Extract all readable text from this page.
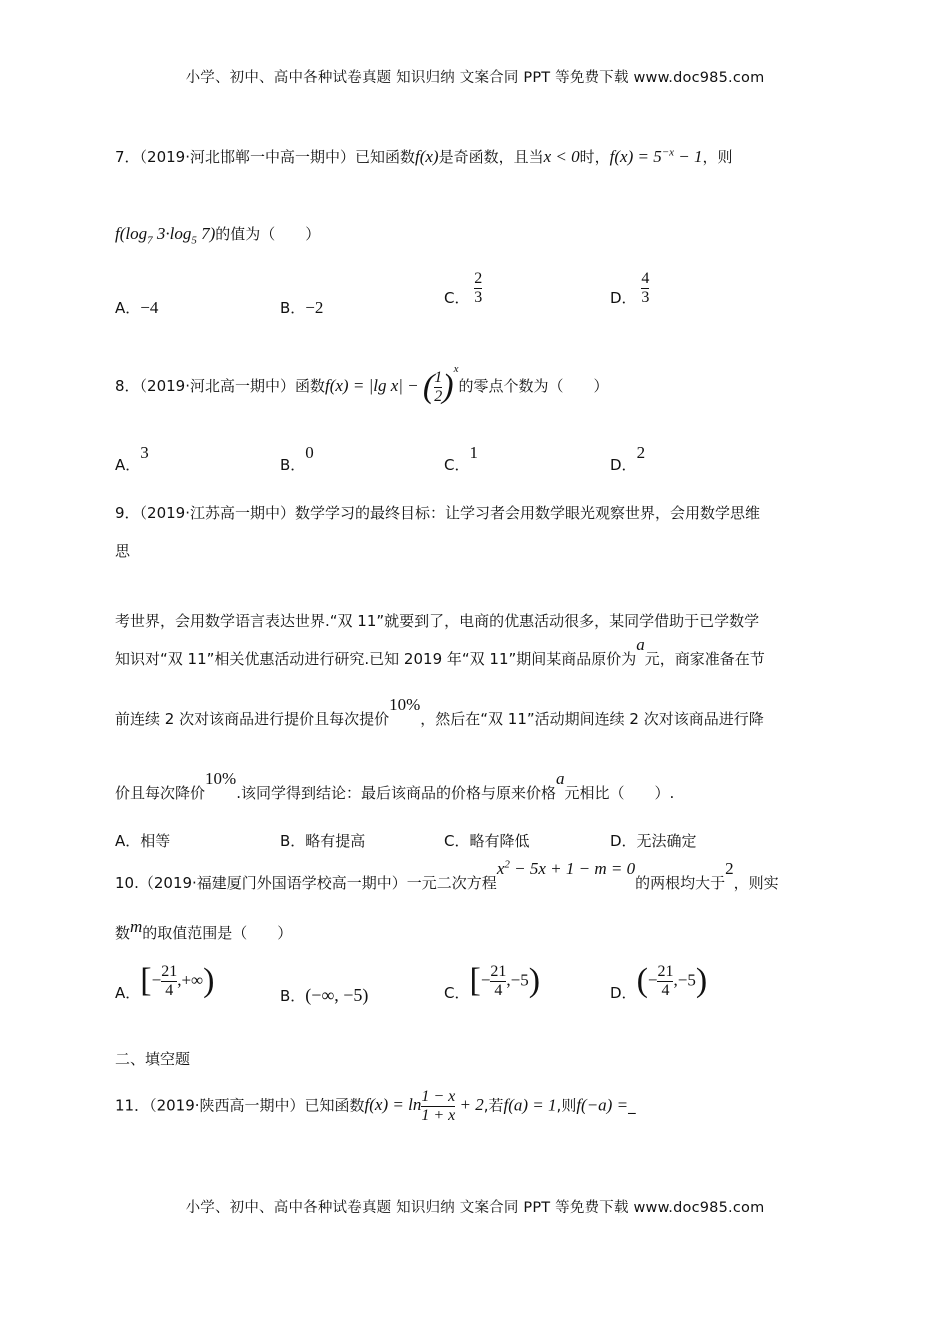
小学、初中、高中各种试卷真题 知识归纳 文案合同 PPT 等免费下载 www.doc985.com
7．（2019·河北邯郸一中高一期中）已知函数f(x)是奇函数，且当x < 0时，$f(x) = 5^{-x} - 1$，则
$f(\log_7$ $3\cdot\log_5$ 7)的值为（　　）
A．−4	B．−2	C． $\frac{2}{3}$	D． $\frac{4}{3}$
8．（2019·河北高一期中）函数f(x) = |lg x| − ( $\frac{1}{2} )^x$的零点个数为（　　）
A．3
B．0
C．1
D．2
9．（2019·江苏高一期中）数学学习的最终目标：让学习者会用数学眼光观察世界，会用数学思维
思
考世界，会用数学语言表达世界.“双 11”就要到了，电商的优惠活动很多，某同学借助于已学数学
知识对“双 11”相关优惠活动进行研究.已知 2019 年“双 11”期间某商品原价为a元，商家准备在节
前连续 2 次对该商品进行提价且每次提价10%，然后在“双 11”活动期间连续 2 次对该商品进行降
价且每次降价10%.该同学得到结论：最后该商品的价格与原来价格a元相比（　　）.
A．相等	B．略有提高	C．略有降低	D．无法确定
10.（2019·福建厦门外国语学校高一期中）一元二次方程$x^2 - 5x + 1 - m = 0$的两根均大于2，则实
数m的取值范围是（　　）
A．[− $\frac{21}{4}$ ,+∞)	B．(−∞, −5)	C．[− $\frac{21}{4} ,-5$)	D．(− $\frac{21}{4} ,-5$)
二、填空题
11．（2019·陕西高一期中）已知函数$f(x) = \ln \frac{1 - x}{1 + x} + 2$,若f(a) = 1,则f(−a) =_
小学、初中、高中各种试卷真题 知识归纳 文案合同 PPT 等免费下载 www.doc985.com
